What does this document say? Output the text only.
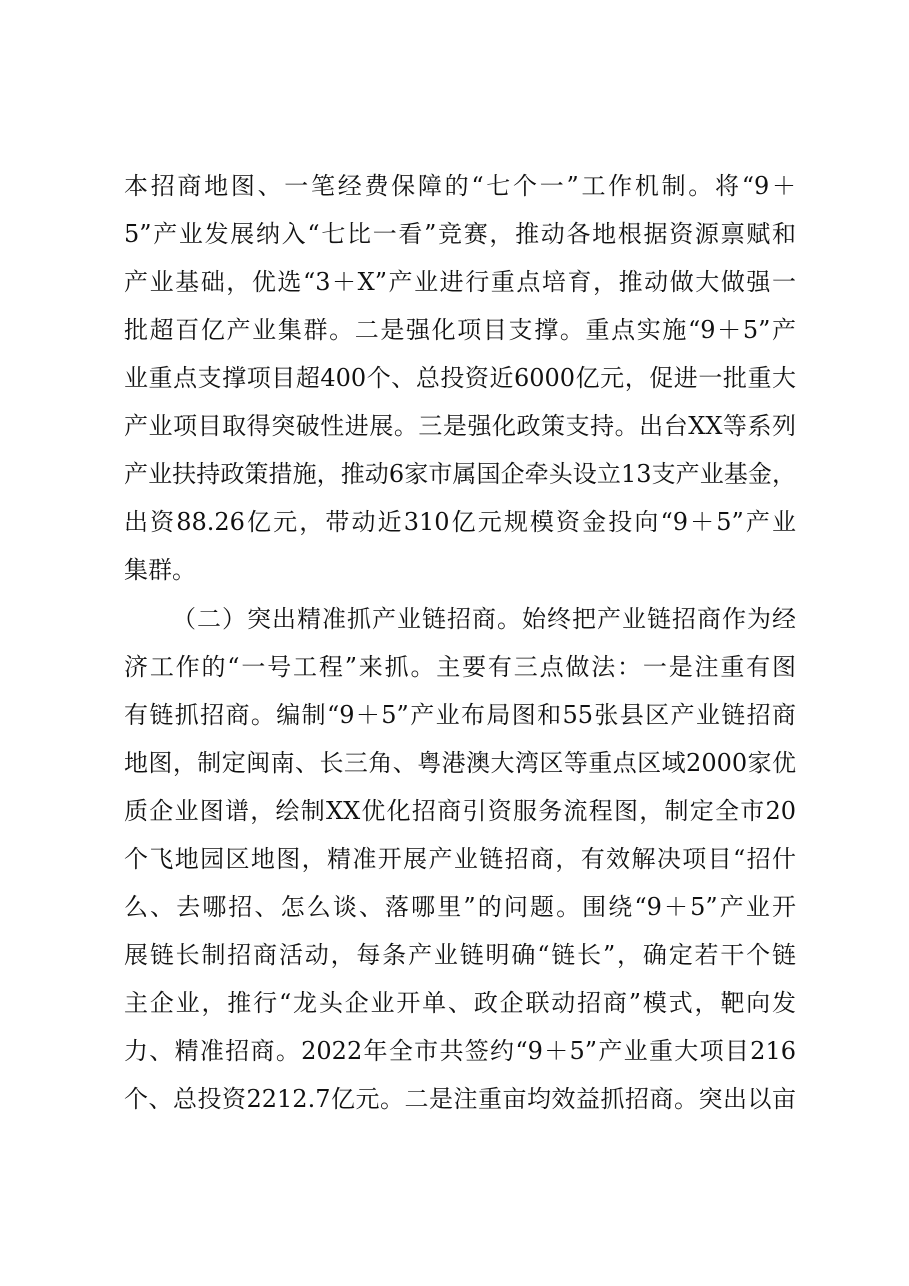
本招商地图、一笔经费保障的“七个一”工作机制。将“9＋
5”产业发展纳入“七比一看”竞赛，推动各地根据资源禀赋和
产业基础，优选“3＋X”产业进行重点培育，推动做大做强一
批超百亿产业集群。二是强化项目支撑。重点实施“9＋5”产
业重点支撑项目超400个、总投资近6000亿元，促进一批重大
产业项目取得突破性进展。三是强化政策支持。出台XX等系列
产业扶持政策措施，推动6家市属国企牵头设立13支产业基金，
出资88.26亿元，带动近310亿元规模资金投向“9＋5”产业
集群。
（二）突出精准抓产业链招商。始终把产业链招商作为经
济工作的“一号工程”来抓。主要有三点做法：一是注重有图
有链抓招商。编制“9＋5”产业布局图和55张县区产业链招商
地图，制定闽南、长三角、粤港澳大湾区等重点区域2000家优
质企业图谱，绘制XX优化招商引资服务流程图，制定全市20
个飞地园区地图，精准开展产业链招商，有效解决项目“招什
么、去哪招、怎么谈、落哪里”的问题。围绕“9＋5”产业开
展链长制招商活动，每条产业链明确“链长”，确定若干个链
主企业，推行“龙头企业开单、政企联动招商”模式，靶向发
力、精准招商。2022年全市共签约“9＋5”产业重大项目216
个、总投资2212.7亿元。二是注重亩均效益抓招商。突出以亩
